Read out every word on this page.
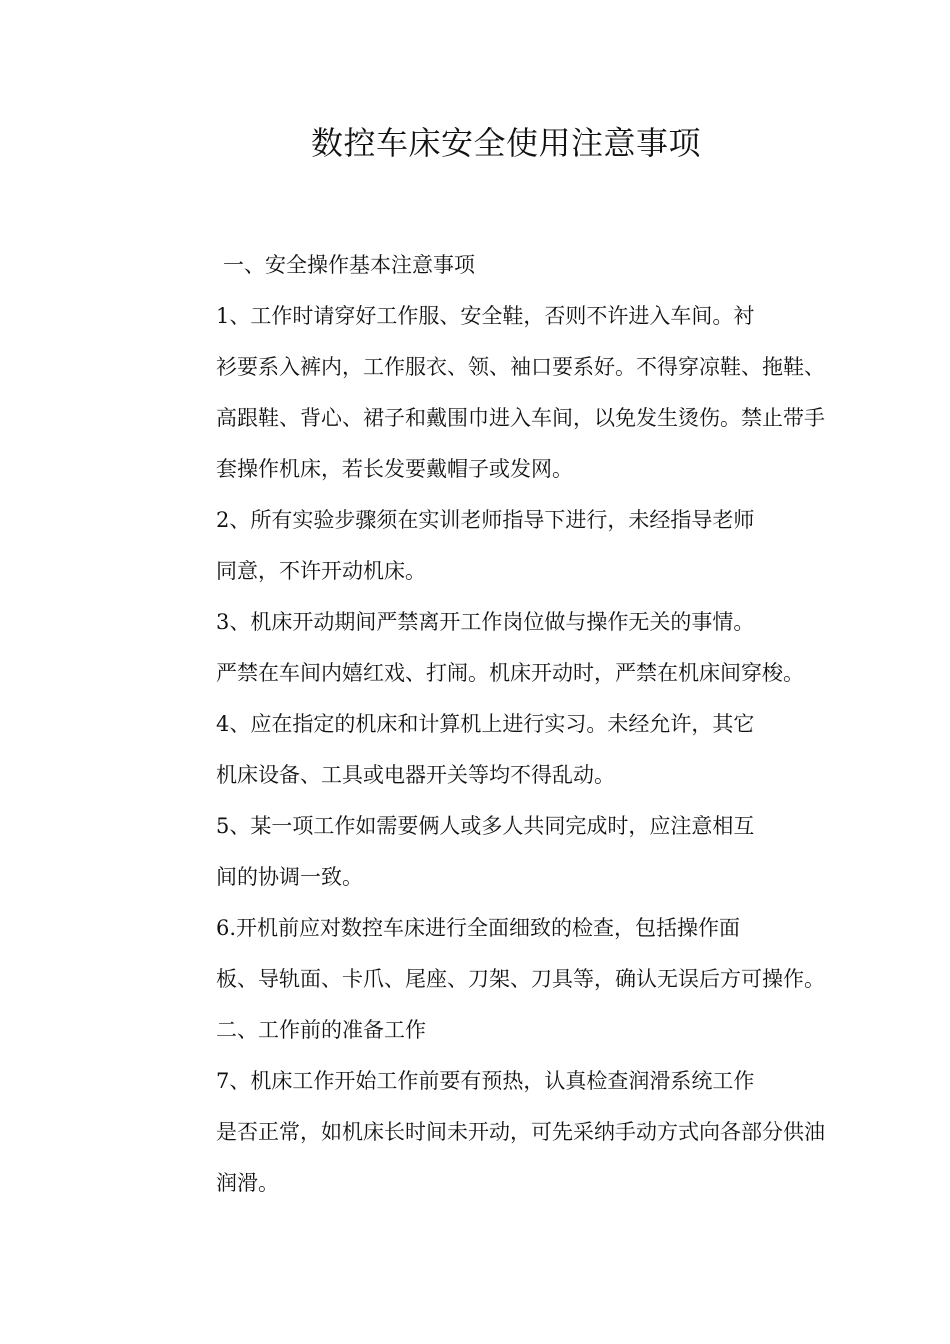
数控车床安全使用注意事项
一、安全操作基本注意事项

1、工作时请穿好工作服、安全鞋，否则不许进入车间。衬
衫要系入裤内，工作服衣、领、袖口要系好。不得穿凉鞋、拖鞋、
高跟鞋、背心、裙子和戴围巾进入车间，以免发生烫伤。禁止带手
套操作机床，若长发要戴帽子或发网。

2、所有实验步骤须在实训老师指导下进行，未经指导老师
同意，不许开动机床。

3、机床开动期间严禁离开工作岗位做与操作无关的事情。
严禁在车间内嬉红戏、打闹。机床开动时，严禁在机床间穿梭。

4、应在指定的机床和计算机上进行实习。未经允许，其它
机床设备、工具或电器开关等均不得乱动。

5、某一项工作如需要俩人或多人共同完成时，应注意相互
间的协调一致。

6.开机前应对数控车床进行全面细致的检查，包括操作面
板、导轨面、卡爪、尾座、刀架、刀具等，确认无误后方可操作。

二、工作前的准备工作

7、机床工作开始工作前要有预热，认真检查润滑系统工作
是否正常，如机床长时间未开动，可先采纳手动方式向各部分供油
润滑。
